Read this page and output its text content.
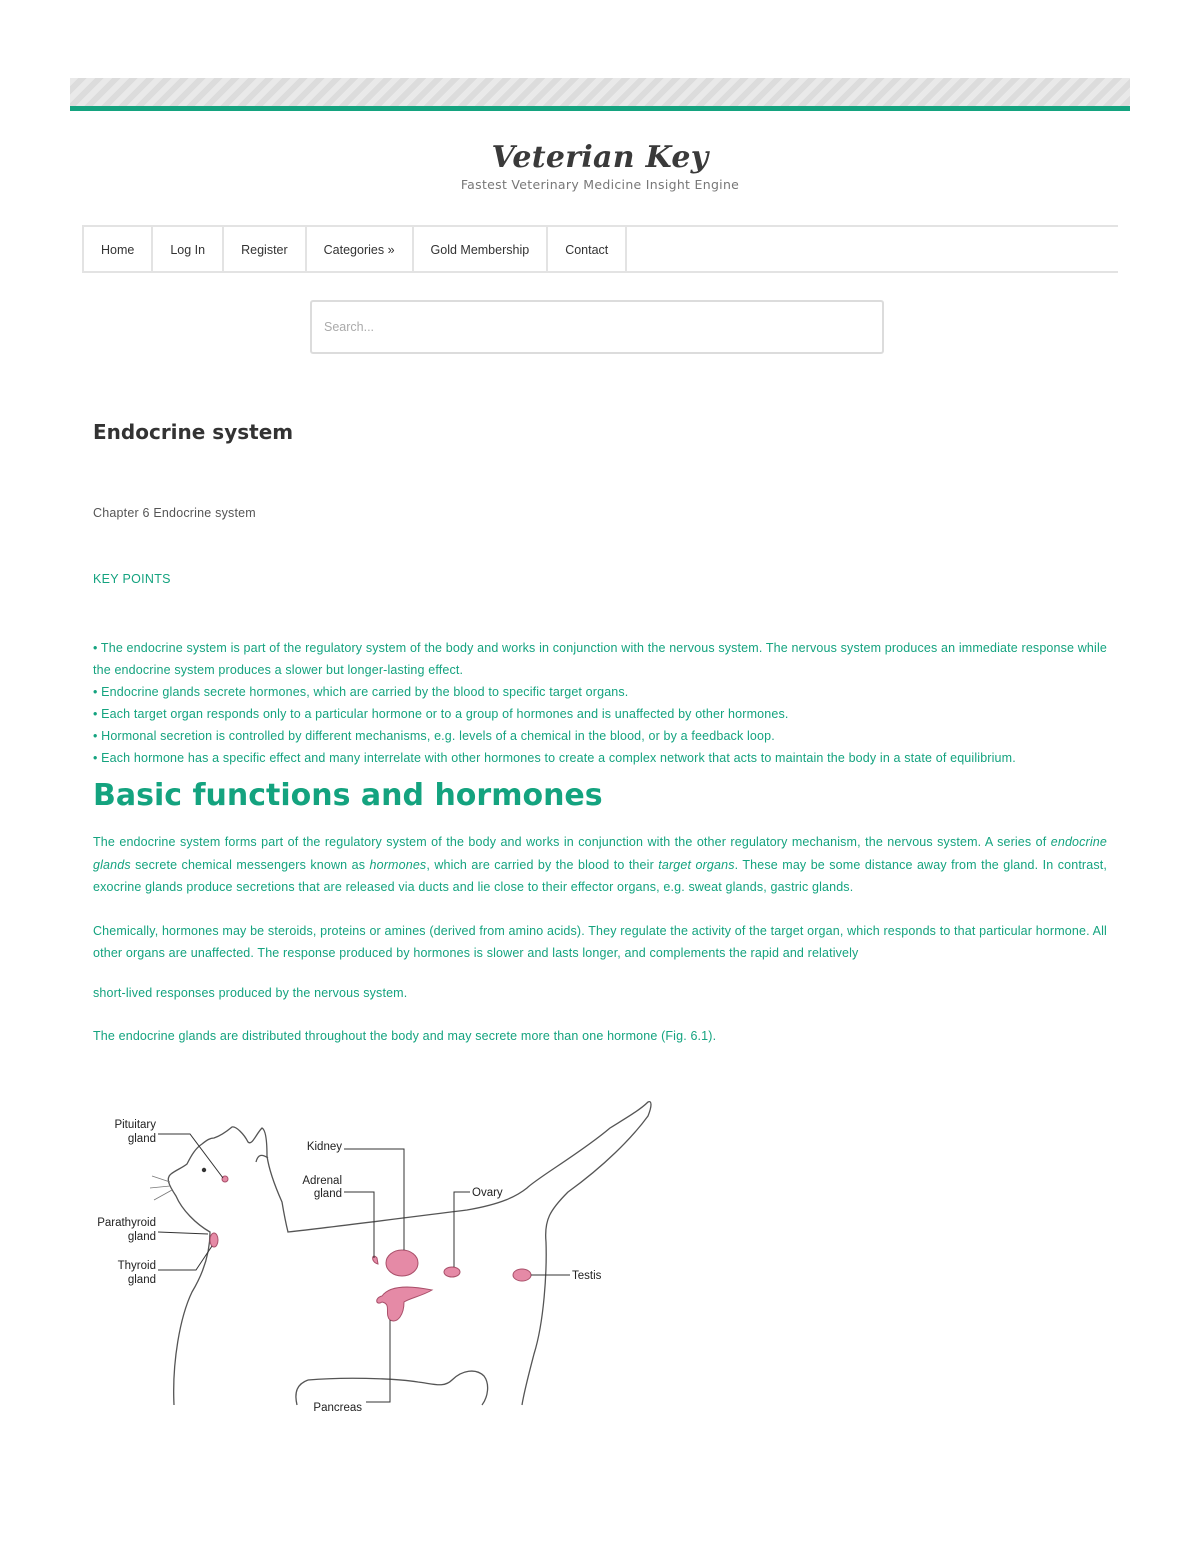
Veterian Key
Fastest Veterinary Medicine Insight Engine
Home	Log In	Register	Categories »	Gold Membership	Contact
Search...
Endocrine system
Chapter 6 Endocrine system
KEY POINTS
• The endocrine system is part of the regulatory system of the body and works in conjunction with the nervous system. The nervous system produces an immediate response while the endocrine system produces a slower but longer-lasting effect.
• Endocrine glands secrete hormones, which are carried by the blood to specific target organs.
• Each target organ responds only to a particular hormone or to a group of hormones and is unaffected by other hormones.
• Hormonal secretion is controlled by different mechanisms, e.g. levels of a chemical in the blood, or by a feedback loop.
• Each hormone has a specific effect and many interrelate with other hormones to create a complex network that acts to maintain the body in a state of equilibrium.
Basic functions and hormones
The endocrine system forms part of the regulatory system of the body and works in conjunction with the other regulatory mechanism, the nervous system. A series of endocrine glands secrete chemical messengers known as hormones, which are carried by the blood to their target organs. These may be some distance away from the gland. In contrast, exocrine glands produce secretions that are released via ducts and lie close to their effector organs, e.g. sweat glands, gastric glands.
Chemically, hormones may be steroids, proteins or amines (derived from amino acids). They regulate the activity of the target organ, which responds to that particular hormone. All other organs are unaffected. The response produced by hormones is slower and lasts longer, and complements the rapid and relatively
short-lived responses produced by the nervous system.
The endocrine glands are distributed throughout the body and may secrete more than one hormone (Fig. 6.1).
Pituitary
gland
Parathyroid
gland
Thyroid
gland
Kidney
Adrenal
gland	Ovary
Testis
Pancreas
